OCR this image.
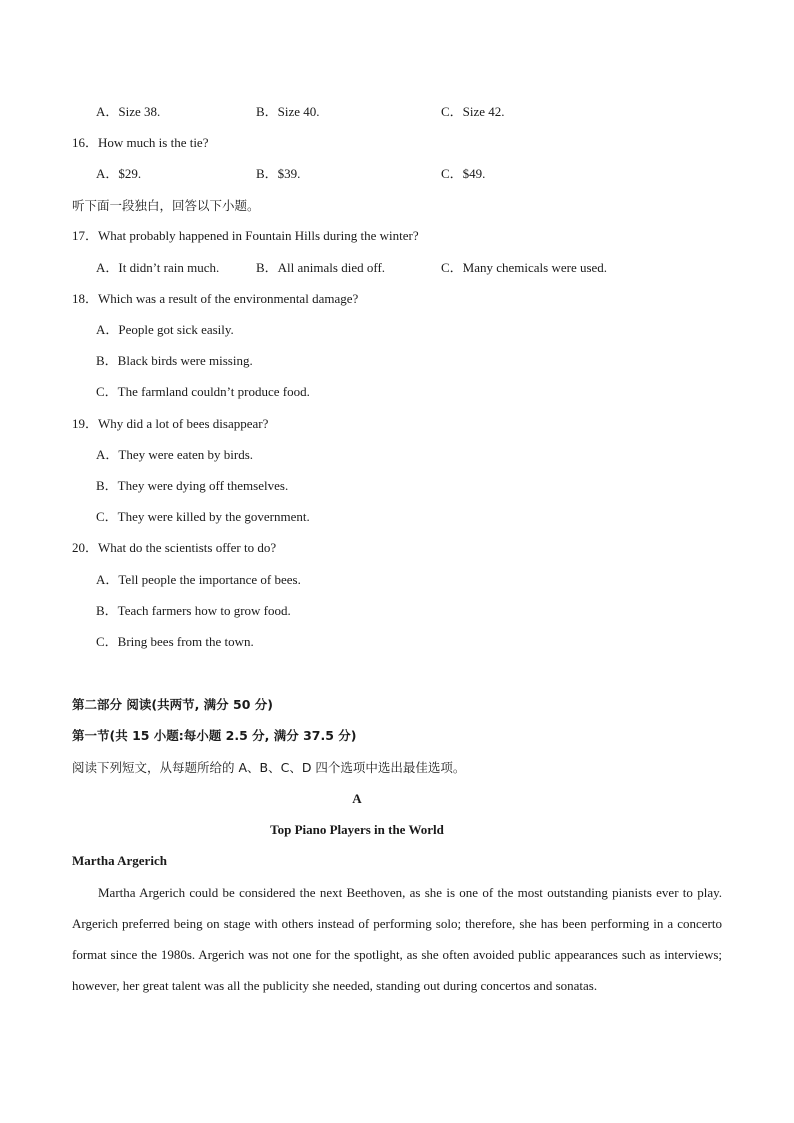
A．Size 38.	B．Size 40.	C．Size 42.
16．How much is the tie?
A．$29.	B．$39.	C．$49.
听下面一段独白，回答以下小题。
17．What probably happened in Fountain Hills during the winter?
A．It didn’t rain much.	B．All animals died off.	C．Many chemicals were used.
18．Which was a result of the environmental damage?
A．People got sick easily.
B．Black birds were missing.
C．The farmland couldn’t produce food.
19．Why did a lot of bees disappear?
A．They were eaten by birds.
B．They were dying off themselves.
C．They were killed by the government.
20．What do the scientists offer to do?
A．Tell people the importance of bees.
B．Teach farmers how to grow food.
C．Bring bees from the town.
第二部分 阅读(共两节, 满分 50 分)
第一节(共 15 小题:每小题 2.5 分, 满分 37.5 分)
阅读下列短文，从每题所给的 A、B、C、D 四个选项中选出最佳选项。
A
Top Piano Players in the World
Martha Argerich
Martha Argerich could be considered the next Beethoven, as she is one of the most outstanding pianists ever to play. Argerich preferred being on stage with others instead of performing solo; therefore, she has been performing in a concerto format since the 1980s. Argerich was not one for the spotlight, as she often avoided public appearances such as interviews; however, her great talent was all the publicity she needed, standing out during concertos and sonatas.
